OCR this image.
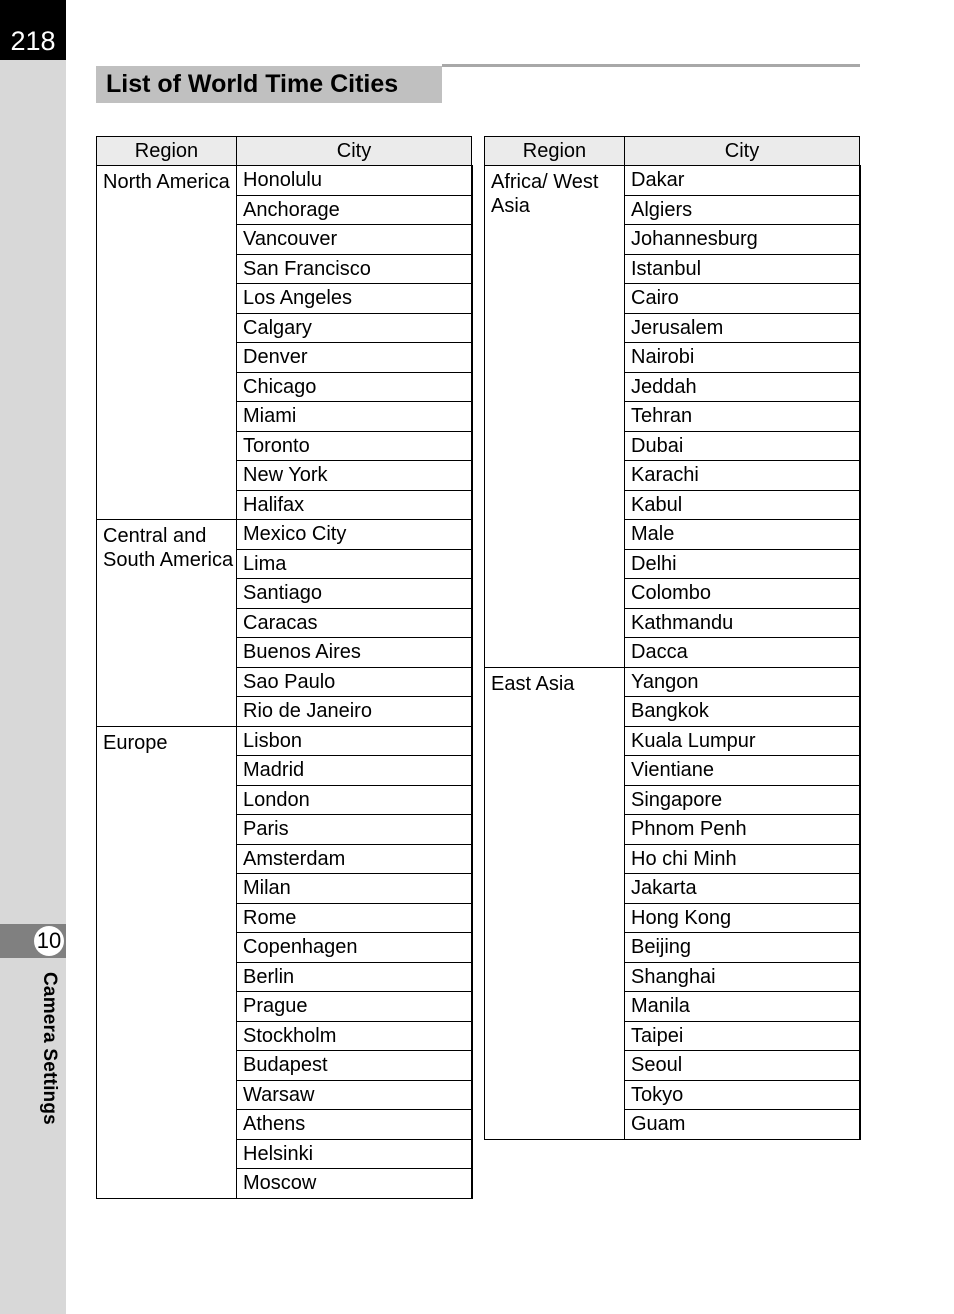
218
10
Camera Settings
List of World Time Cities
Region	City
North America	Honolulu
	Anchorage
	Vancouver
	San Francisco
	Los Angeles
	Calgary
	Denver
	Chicago
	Miami
	Toronto
	New York
	Halifax
Central and South America	Mexico City
	Lima
	Santiago
	Caracas
	Buenos Aires
	Sao Paulo
	Rio de Janeiro
Europe	Lisbon
	Madrid
	London
	Paris
	Amsterdam
	Milan
	Rome
	Copenhagen
	Berlin
	Prague
	Stockholm
	Budapest
	Warsaw
	Athens
	Helsinki
	Moscow
Region	City
Africa/ West Asia	Dakar
	Algiers
	Johannesburg
	Istanbul
	Cairo
	Jerusalem
	Nairobi
	Jeddah
	Tehran
	Dubai
	Karachi
	Kabul
	Male
	Delhi
	Colombo
	Kathmandu
	Dacca
East Asia	Yangon
	Bangkok
	Kuala Lumpur
	Vientiane
	Singapore
	Phnom Penh
	Ho chi Minh
	Jakarta
	Hong Kong
	Beijing
	Shanghai
	Manila
	Taipei
	Seoul
	Tokyo
	Guam
